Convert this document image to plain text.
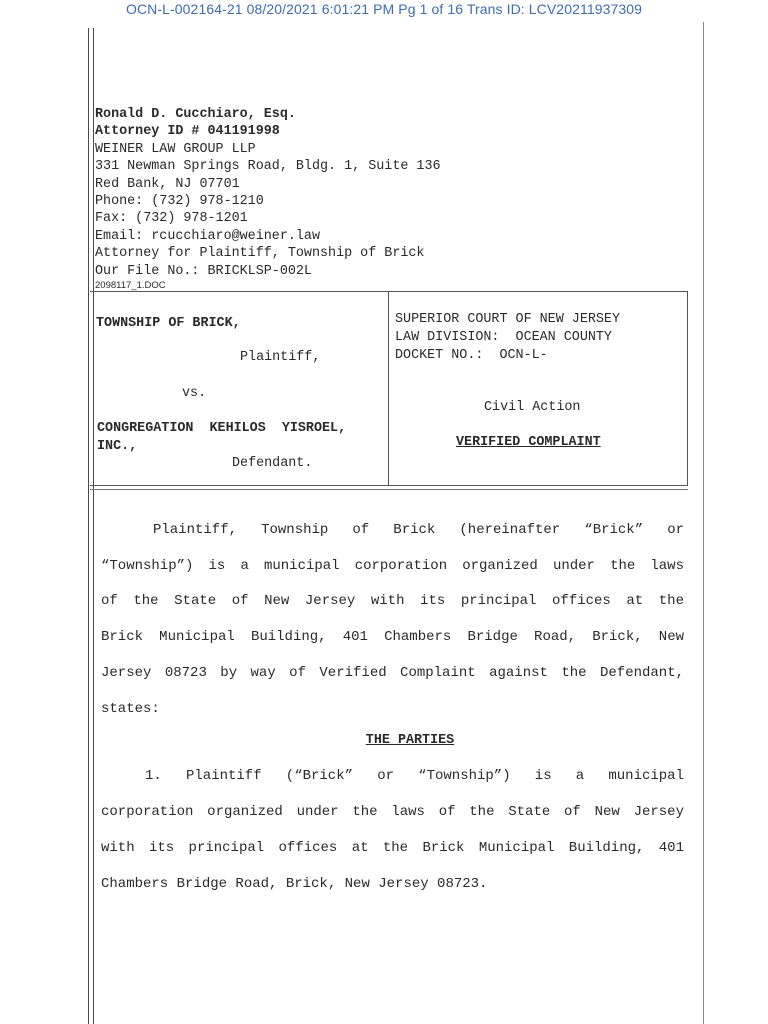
OCN-L-002164-21 08/20/2021 6:01:21 PM Pg 1 of 16 Trans ID: LCV20211937309
Ronald D. Cucchiaro, Esq.
Attorney ID # 041191998
WEINER LAW GROUP LLP
331 Newman Springs Road, Bldg. 1, Suite 136
Red Bank, NJ 07701
Phone: (732) 978-1210
Fax: (732) 978-1201
Email: rcucchiaro@weiner.law
Attorney for Plaintiff, Township of Brick
Our File No.: BRICKLSP-002L
2098117_1.DOC
TOWNSHIP OF BRICK,
Plaintiff,
vs.
CONGREGATION  KEHILOS  YISROEL,
INC.,
Defendant.
SUPERIOR COURT OF NEW JERSEY
LAW DIVISION:  OCEAN COUNTY
DOCKET NO.:  OCN-L-
Civil Action
VERIFIED COMPLAINT
Plaintiff, Township of Brick (hereinafter “Brick” or
“Township”) is a municipal corporation organized under the laws
of the State of New Jersey with its principal offices at the
Brick Municipal Building, 401 Chambers Bridge Road, Brick, New
Jersey 08723 by way of Verified Complaint against the Defendant,
states:
THE PARTIES
1. Plaintiff (“Brick” or “Township”) is a municipal
corporation organized under the laws of the State of New Jersey
with its principal offices at the Brick Municipal Building, 401
Chambers Bridge Road, Brick, New Jersey 08723.
